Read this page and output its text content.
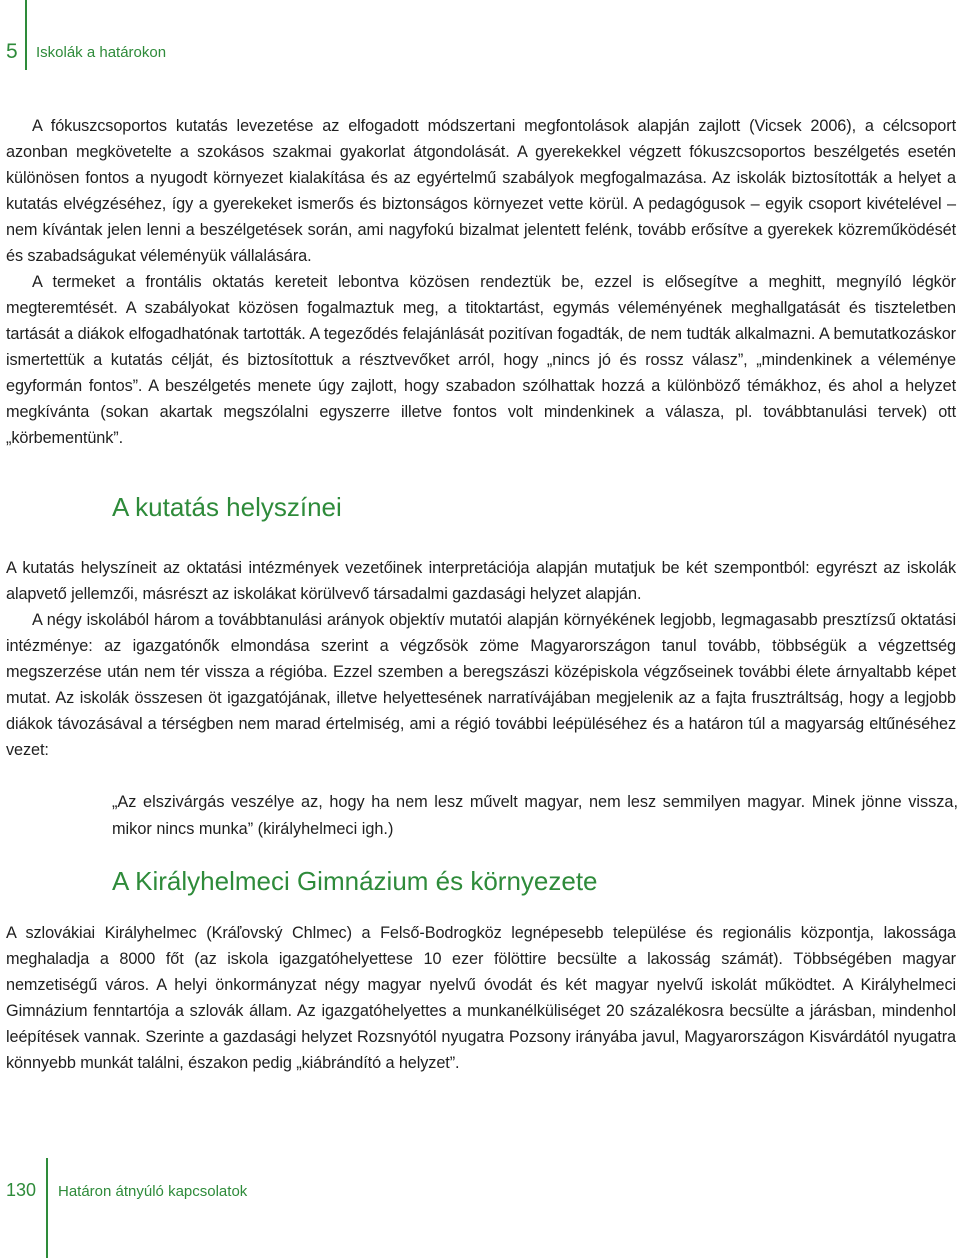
5 Iskolák a határokon

A fókuszcsoportos kutatás levezetése az elfogadott módszertani megfontolások alapján zajlott (Vicsek 2006), a célcsoport azonban megkövetelte a szokásos szakmai gyakorlat átgondolását. A gyerekekkel végzett fókuszcsoportos beszélgetés esetén különösen fontos a nyugodt környezet kialakítása és az egyértelmű szabályok megfogalmazása. Az iskolák biztosították a helyet a kutatás elvégzéséhez, így a gyerekeket ismerős és biztonságos környezet vette körül. A pedagógusok – egyik csoport kivételével – nem kívántak jelen lenni a beszélgetések során, ami nagyfokú bizalmat jelentett felénk, tovább erősítve a gyerekek közreműködését és szabadságukat véleményük vállalására.

A termeket a frontális oktatás kereteit lebontva közösen rendeztük be, ezzel is elősegítve a meghitt, megnyíló légkör megteremtését. A szabályokat közösen fogalmaztuk meg, a titoktartást, egymás véleményének meghallgatását és tiszteletben tartását a diákok elfogadhatónak tartották. A tegeződés felajánlását pozitívan fogadták, de nem tudták alkalmazni. A bemutatkozáskor ismertettük a kutatás célját, és biztosítottuk a résztvevőket arról, hogy „nincs jó és rossz válasz”, „mindenkinek a véleménye egyformán fontos”. A beszélgetés menete úgy zajlott, hogy szabadon szólhattak hozzá a különböző témákhoz, és ahol a helyzet megkívánta (sokan akartak megszólalni egyszerre illetve fontos volt mindenkinek a válasza, pl. továbbtanulási tervek) ott „körbementünk”.

A kutatás helyszínei

A kutatás helyszíneit az oktatási intézmények vezetőinek interpretációja alapján mutatjuk be két szempontból: egyrészt az iskolák alapvető jellemzői, másrészt az iskolákat körülvevő társadalmi gazdasági helyzet alapján.

A négy iskolából három a továbbtanulási arányok objektív mutatói alapján környékének legjobb, legmagasabb presztízsű oktatási intézménye: az igazgatónők elmondása szerint a végzősök zöme Magyarországon tanul tovább, többségük a végzettség megszerzése után nem tér vissza a régióba. Ezzel szemben a beregszászi középiskola végzőseinek további élete árnyaltabb képet mutat. Az iskolák összesen öt igazgatójának, illetve helyettesének narratívájában megjelenik az a fajta frusztráltság, hogy a legjobb diákok távozásával a térségben nem marad értelmiség, ami a régió további leépüléséhez és a határon túl a magyarság eltűnéséhez vezet:

„Az elszivárgás veszélye az, hogy ha nem lesz művelt magyar, nem lesz semmilyen magyar. Minek jönne vissza, mikor nincs munka” (királyhelmeci igh.)

A Királyhelmeci Gimnázium és környezete

A szlovákiai Királyhelmec (Kráľovský Chlmec) a Felső-Bodrogköz legnépesebb települése és regionális központja, lakossága meghaladja a 8000 főt (az iskola igazgatóhelyettese 10 ezer fölöttire becsülte a lakosság számát). Többségében magyar nemzetiségű város. A helyi önkormányzat négy magyar nyelvű óvodát és két magyar nyelvű iskolát működtet. A Királyhelmeci Gimnázium fenntartója a szlovák állam. Az igazgatóhelyettes a munkanélküliséget 20 százalékosra becsülte a járásban, mindenhol leépítések vannak. Szerinte a gazdasági helyzet Rozsnyótól nyugatra Pozsony irányába javul, Magyarországon Kisvárdától nyugatra könnyebb munkát találni, északon pedig „kiábrándító a helyzet”.

130 Határon átnyúló kapcsolatok
